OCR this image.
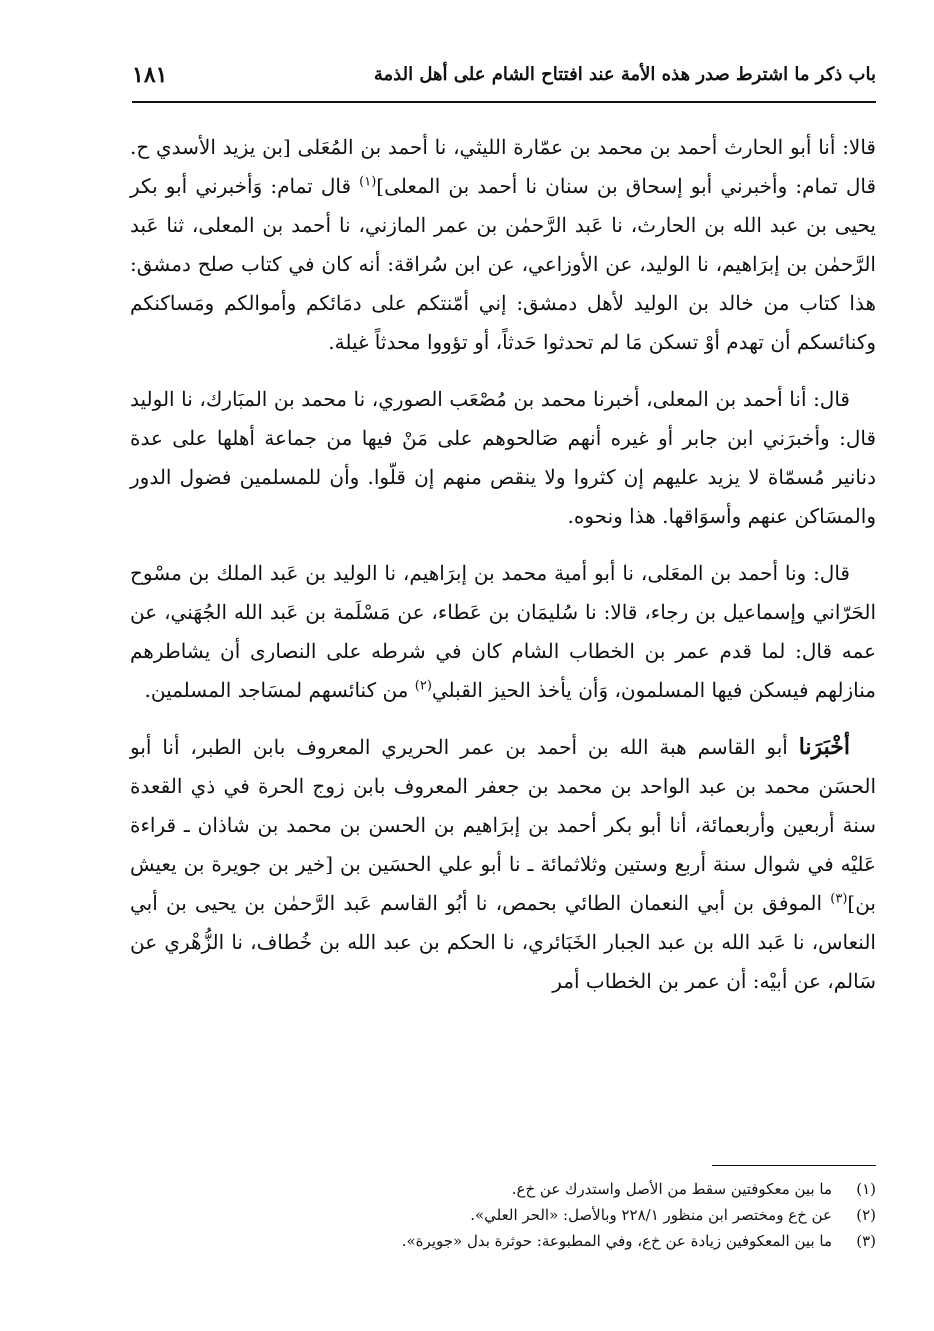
باب ذكر ما اشترط صدر هذه الأمة عند افتتاح الشام على أهل الذمة
١٨١

قالا: أنا أبو الحارث أحمد بن محمد بن عمّارة الليثي، نا أحمد بن المُعَلى [بن يزيد الأسدي ح. قال تمام: وأخبرني أبو إسحاق بن سنان نا أحمد بن المعلى]$^{(١)}$ قال تمام: وَأخبرني أبو بكر يحيى بن عبد الله بن الحارث، نا عَبد الرَّحمٰن بن عمر المازني، نا أحمد بن المعلى، ثنا عَبد الرَّحمٰن بن إبرَاهيم، نا الوليد، عن الأوزاعي، عن ابن سُراقة: أنه كان في كتاب صلح دمشق: هذا كتاب من خالد بن الوليد لأهل دمشق: إني أمّنتكم على دمَائكم وأموالكم ومَساكنكم وكنائسكم أن تهدم أوْ تسكن مَا لم تحدثوا حَدثاً، أو تؤووا محدثاً غيلة.

قال: أنا أحمد بن المعلى، أخبرنا محمد بن مُصْعَب الصوري، نا محمد بن المبَارك، نا الوليد قال: وأخبرَني ابن جابر أو غيره أنهم صَالحوهم على مَنْ فيها من جماعة أهلها على عدة دنانير مُسمّاة لا يزيد عليهم إن كثروا ولا ينقص منهم إن قلّوا. وأن للمسلمين فضول الدور والمسَاكن عنهم وأسوَاقها. هذا ونحوه.

قال: ونا أحمد بن المعَلى، نا أبو أمية محمد بن إبرَاهيم، نا الوليد بن عَبد الملك بن مسْوح الحَرّاني وإسماعيل بن رجاء، قالا: نا سُليمَان بن عَطاء، عن مَسْلَمة بن عَبد الله الجُهَني، عن عمه قال: لما قدم عمر بن الخطاب الشام كان في شرطه على النصارى أن يشاطرهم منازلهم فيسكن فيها المسلمون، وَأن يأخذ الحيز القبلي$^{(٢)}$ من كنائسهم لمسَاجد المسلمين.

أخْبَرَنا أبو القاسم هبة الله بن أحمد بن عمر الحريري المعروف بابن الطبر، أنا أبو الحسَن محمد بن عبد الواحد بن محمد بن جعفر المعروف بابن زوج الحرة في ذي القعدة سنة أربعين وأربعمائة، أنا أبو بكر أحمد بن إبرَاهيم بن الحسن بن محمد بن شاذان ـ قراءة عَليْه في شوال سنة أربع وستين وثلاثمائة ـ نا أبو علي الحسَين بن [خير بن جويرة بن يعيش بن]$^{(٣)}$ الموفق بن أبي النعمان الطائي بحمص، نا أبُو القاسم عَبد الرَّحمٰن بن يحيى بن أبي النعاس، نا عَبد الله بن عبد الجبار الخَبَائري، نا الحكم بن عبد الله بن خُطاف، نا الزُّهْري عن سَالم، عن أبيْه: أن عمر بن الخطاب أمر

(١)ما بين معكوفتين سقط من الأصل واستدرك عن خ‌ع.
(٢)عن خ‌ع ومختصر ابن منظور ٢٢٨/١ وبالأصل: «الحر العلي».
(٣)ما بين المعكوفين زيادة عن خ‌ع، وفي المطبوعة: حوثرة بدل «جويرة».
